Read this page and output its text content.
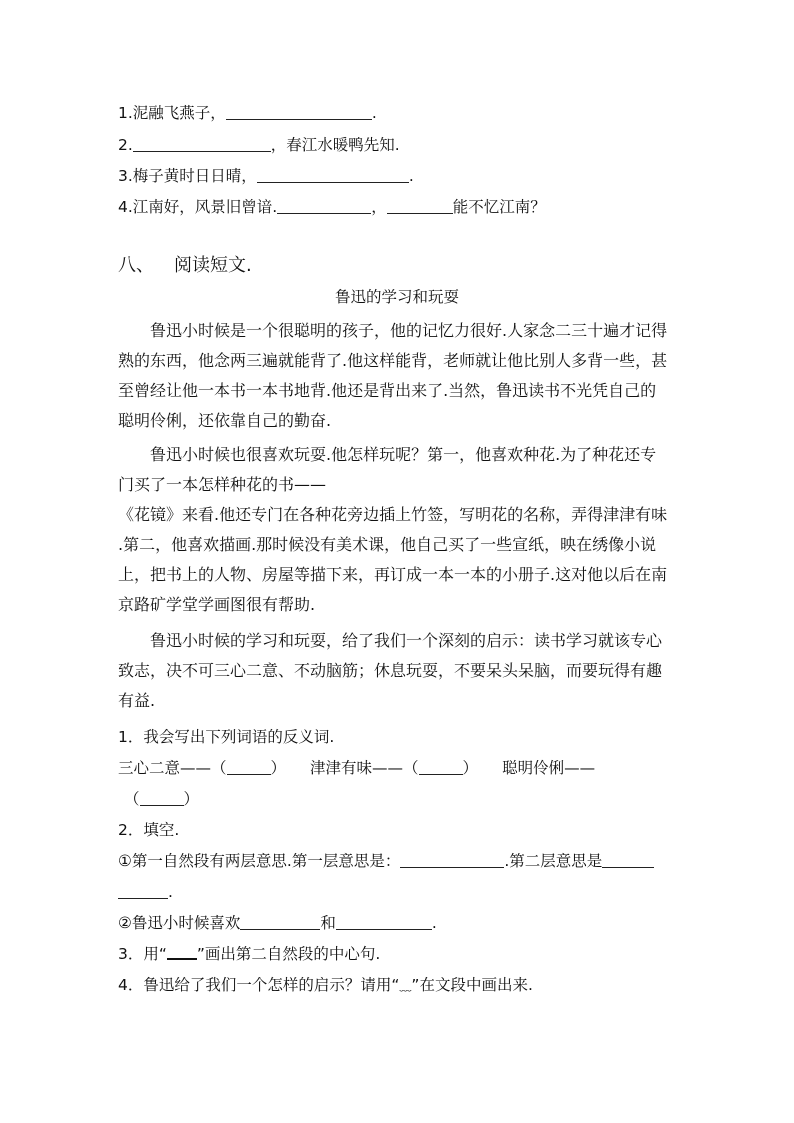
1.泥融飞燕子，	.
2.	，春江水暖鸭先知.
3.梅子黄时日日晴，	.
4.江南好，风景旧曾谙.	，	能不忆江南？
八、 阅读短文.
鲁迅的学习和玩耍
鲁迅小时候是一个很聪明的孩子，他的记忆力很好.人家念二三十遍才记得
熟的东西，他念两三遍就能背了.他这样能背，老师就让他比别人多背一些，甚
至曾经让他一本书一本书地背.他还是背出来了.当然，鲁迅读书不光凭自己的
聪明伶俐，还依靠自己的勤奋.
鲁迅小时候也很喜欢玩耍.他怎样玩呢？第一，他喜欢种花.为了种花还专
门买了一本怎样种花的书——
《花镜》来看.他还专门在各种花旁边插上竹签，写明花的名称，弄得津津有味
.第二，他喜欢描画.那时候没有美术课，他自己买了一些宣纸，映在绣像小说
上，把书上的人物、房屋等描下来，再订成一本一本的小册子.这对他以后在南
京路矿学堂学画图很有帮助.
鲁迅小时候的学习和玩耍，给了我们一个深刻的启示：读书学习就该专心
致志，决不可三心二意、不动脑筋；休息玩耍，不要呆头呆脑，而要玩得有趣
有益.
1．我会写出下列词语的反义词.
三心二意——（	） 津津有味——（	） 聪明伶俐——
（	）
2．填空.
①第一自然段有两层意思.第一层意思是：	.第二层意思是
.
②鲁迅小时候喜欢	和	.
3．用“ ”画出第二自然段的中心句.
4．鲁迅给了我们一个怎样的启示？请用“﹏”在文段中画出来.
